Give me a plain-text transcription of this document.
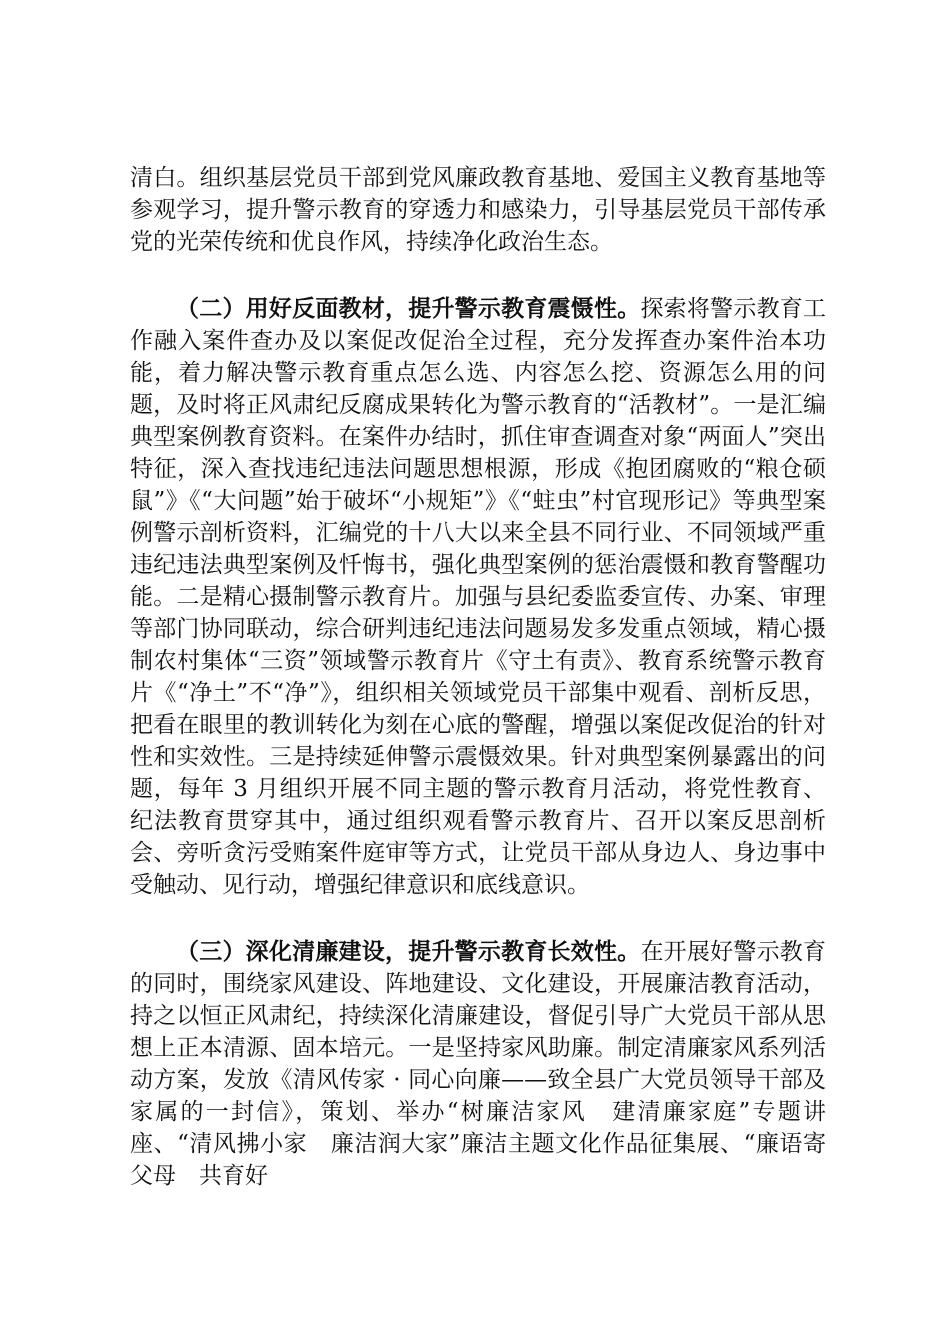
清白。组织基层党员干部到党风廉政教育基地、爱国主义教育基地等参观学习，提升警示教育的穿透力和感染力，引导基层党员干部传承党的光荣传统和优良作风，持续净化政治生态。

（二）用好反面教材，提升警示教育震慑性。探索将警示教育工作融入案件查办及以案促改促治全过程，充分发挥查办案件治本功能，着力解决警示教育重点怎么选、内容怎么挖、资源怎么用的问题，及时将正风肃纪反腐成果转化为警示教育的“活教材”。一是汇编典型案例教育资料。在案件办结时，抓住审查调查对象“两面人”突出特征，深入查找违纪违法问题思想根源，形成《抱团腐败的“粮仓硕鼠”》《“大问题”始于破坏“小规矩”》《“蛀虫”村官现形记》等典型案例警示剖析资料，汇编党的十八大以来全县不同行业、不同领域严重违纪违法典型案例及忏悔书，强化典型案例的惩治震慑和教育警醒功能。二是精心摄制警示教育片。加强与县纪委监委宣传、办案、审理等部门协同联动，综合研判违纪违法问题易发多发重点领域，精心摄制农村集体“三资”领域警示教育片《守土有责》、教育系统警示教育片《“净土”不“净”》，组织相关领域党员干部集中观看、剖析反思，把看在眼里的教训转化为刻在心底的警醒，增强以案促改促治的针对性和实效性。三是持续延伸警示震慑效果。针对典型案例暴露出的问题，每年 3 月组织开展不同主题的警示教育月活动，将党性教育、纪法教育贯穿其中，通过组织观看警示教育片、召开以案反思剖析会、旁听贪污受贿案件庭审等方式，让党员干部从身边人、身边事中受触动、见行动，增强纪律意识和底线意识。

（三）深化清廉建设，提升警示教育长效性。在开展好警示教育的同时，围绕家风建设、阵地建设、文化建设，开展廉洁教育活动，持之以恒正风肃纪，持续深化清廉建设，督促引导广大党员干部从思想上正本清源、固本培元。一是坚持家风助廉。制定清廉家风系列活动方案，发放《清风传家 · 同心向廉——致全县广大党员领导干部及家属的一封信》，策划、举办“树廉洁家风　建清廉家庭”专题讲座、“清风拂小家　廉洁润大家”廉洁主题文化作品征集展、“廉语寄父母　共育好
